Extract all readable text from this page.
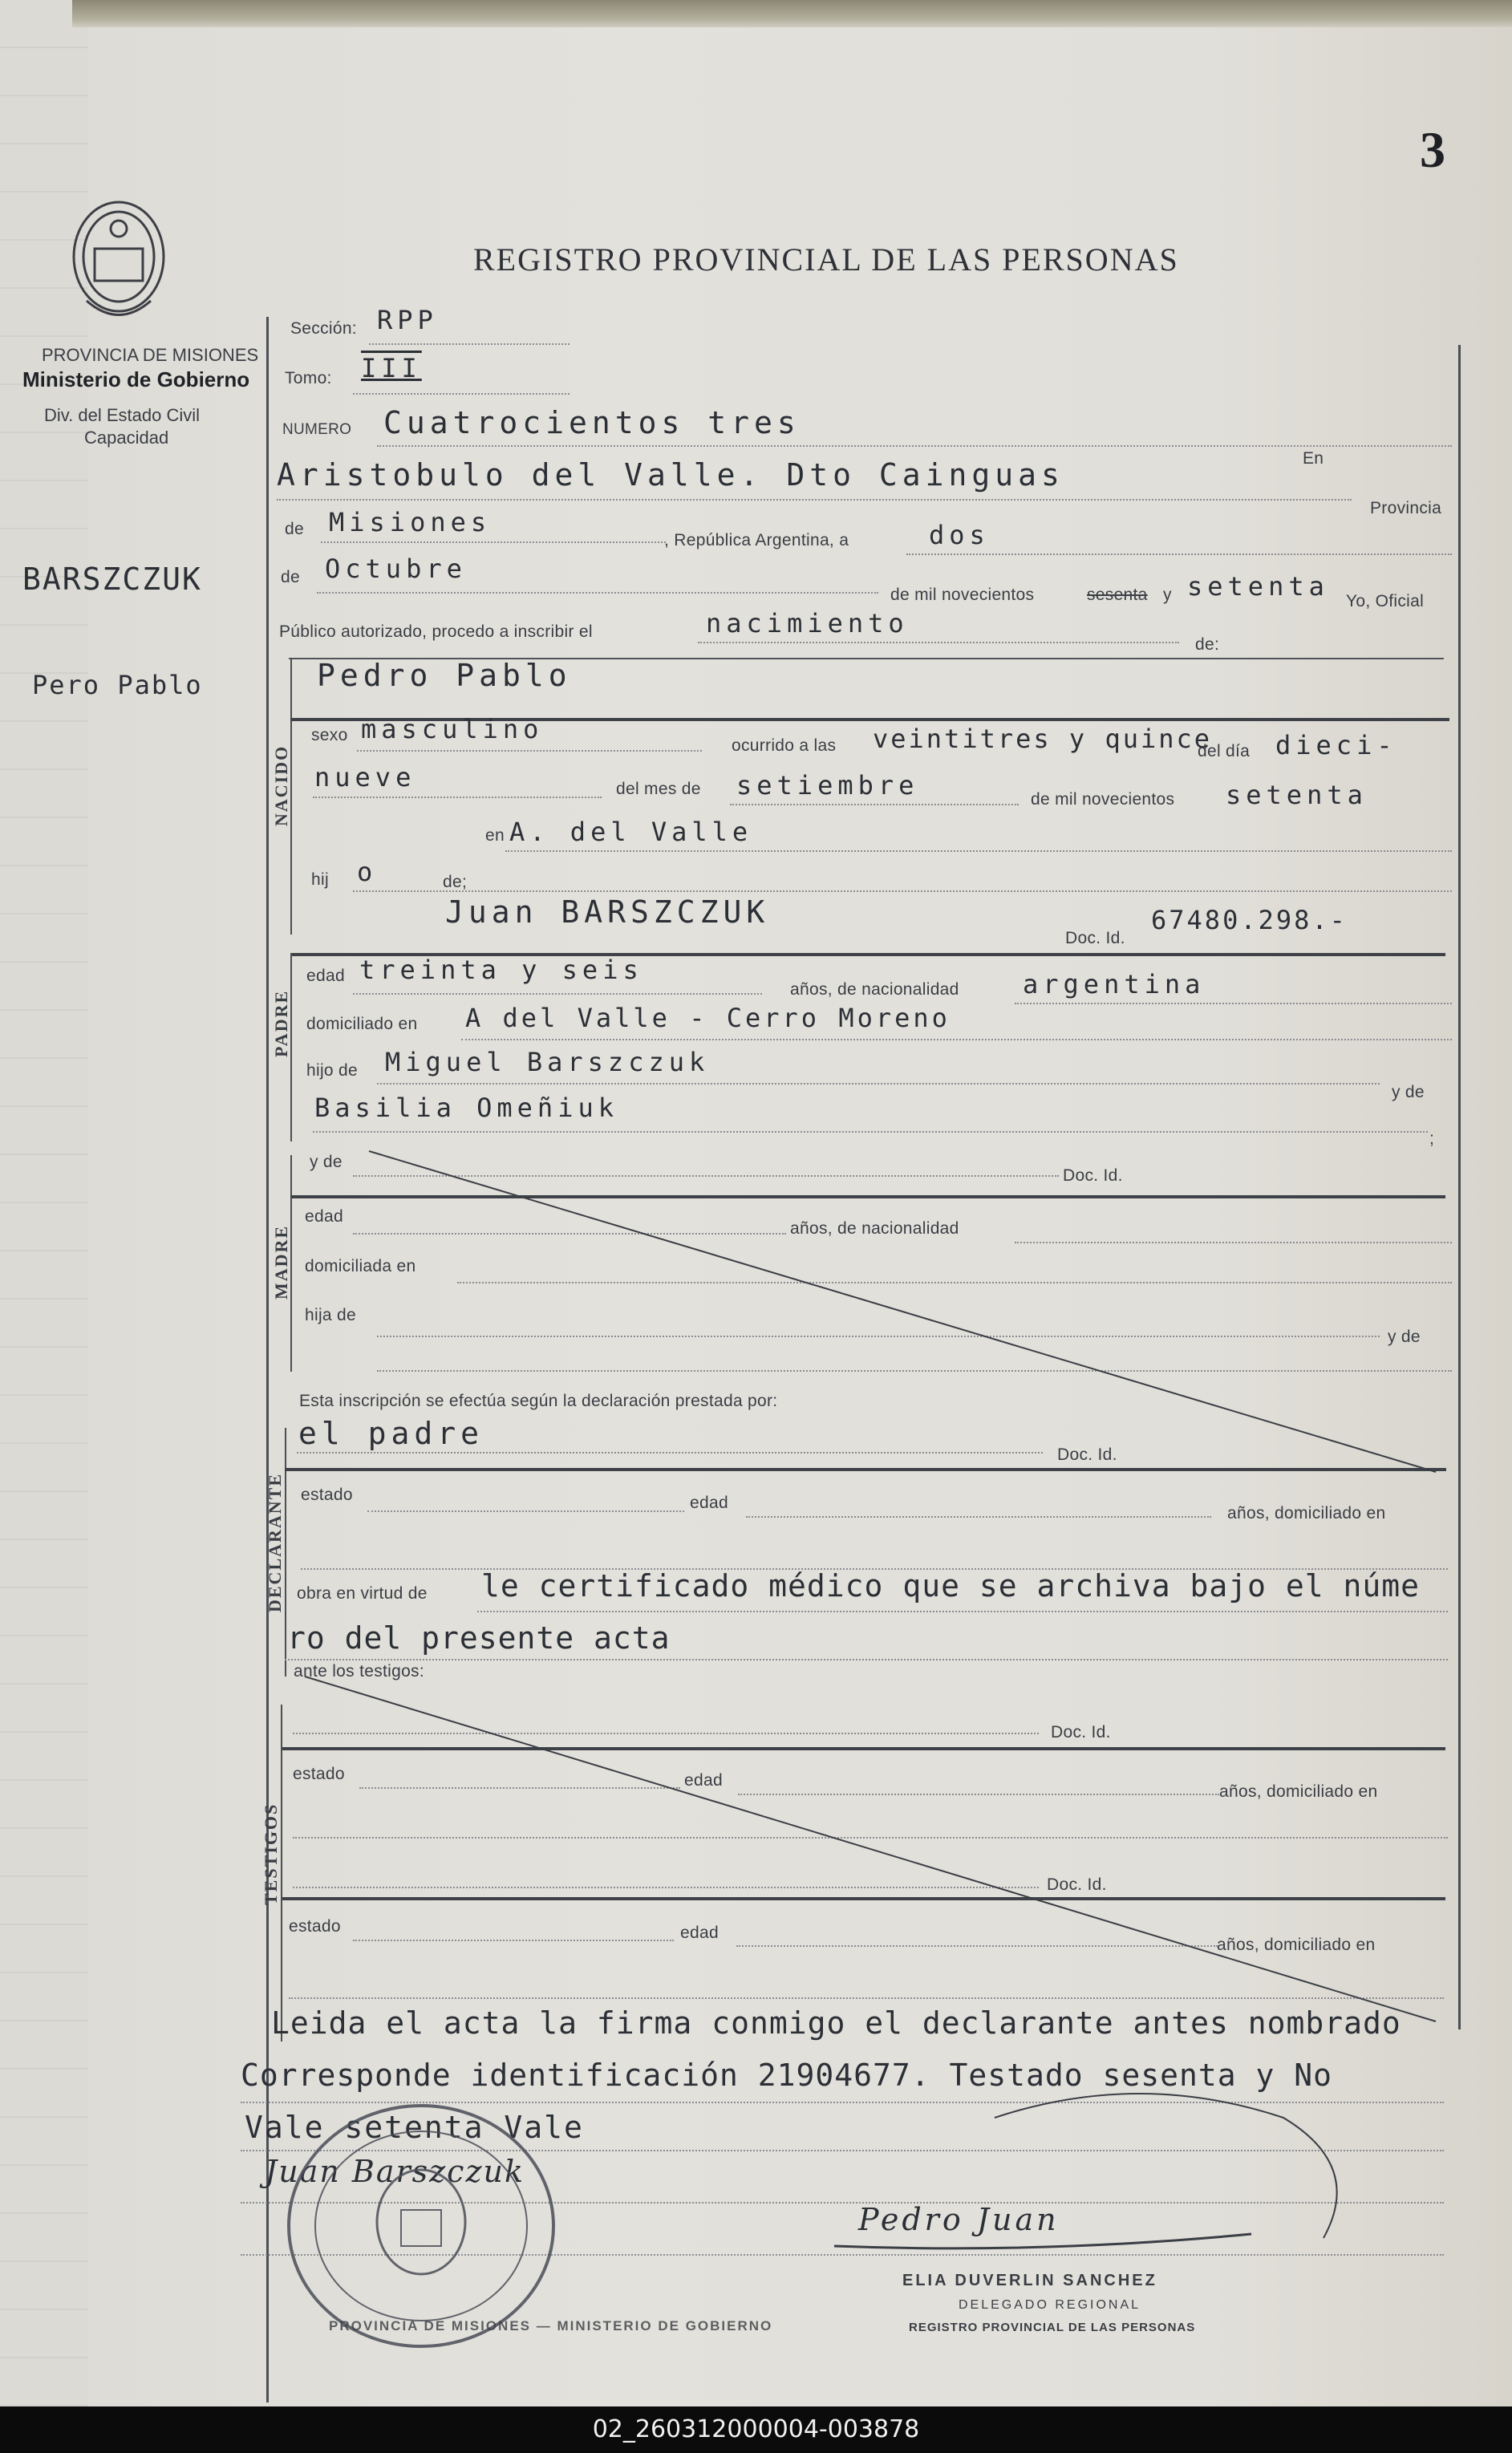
3
REGISTRO PROVINCIAL DE LAS PERSONAS
PROVINCIA DE MISIONES
Ministerio de Gobierno
Div. del Estado Civil
Capacidad
BARSZCZUK
Pero Pablo
Sección: RPP
Tomo: III
NUMERO Cuatrocientos tres
En
Aristobulo del Valle. Dto Cainguas
Provincia
de Misiones
, República Argentina, a	dos
de Octubre
de mil novecientos	sesenta y setenta Yo, Oficial
Público autorizado, procedo a inscribir el	nacimiento
de:
NACIDO
Pedro Pablo
sexo masculino
ocurrido a las veintitres y quince
del día dieci-
nueve	del mes de setiembre	de mil novecientos setenta
en A. del Valle
hij o	de;
Juan BARSZCZUK
Doc. Id.
67480.298.-
PADRE
edad treinta y seis
años, de nacionalidad argentina
domiciliado en A del Valle - Cerro Moreno
hijo de Miguel Barszczuk
y de
Basilia Omeñiuk
;
MADRE
y de
Doc. Id.
edad
años, de nacionalidad
domiciliada en
hija de
y de
Esta inscripción se efectúa según la declaración prestada por:
DECLARANTE
el padre
Doc. Id.
estado	edad
años, domiciliado en
obra en virtud de le certificado médico que se archiva bajo el núme
ro del presente acta
ante los testigos:
TESTIGOS
Doc. Id.
estado	edad
años, domiciliado en
Doc. Id.
estado	edad
años, domiciliado en
Leida el acta la firma conmigo el declarante antes nombrado
Corresponde identificación 21904677. Testado sesenta y No
Vale setenta Vale
Juan Barszczuk
Pedro Juan
ELIA DUVERLIN SANCHEZ
DELEGADO REGIONAL
REGISTRO PROVINCIAL DE LAS PERSONAS
PROVINCIA DE MISIONES — MINISTERIO DE GOBIERNO
02_260312000004-003878
